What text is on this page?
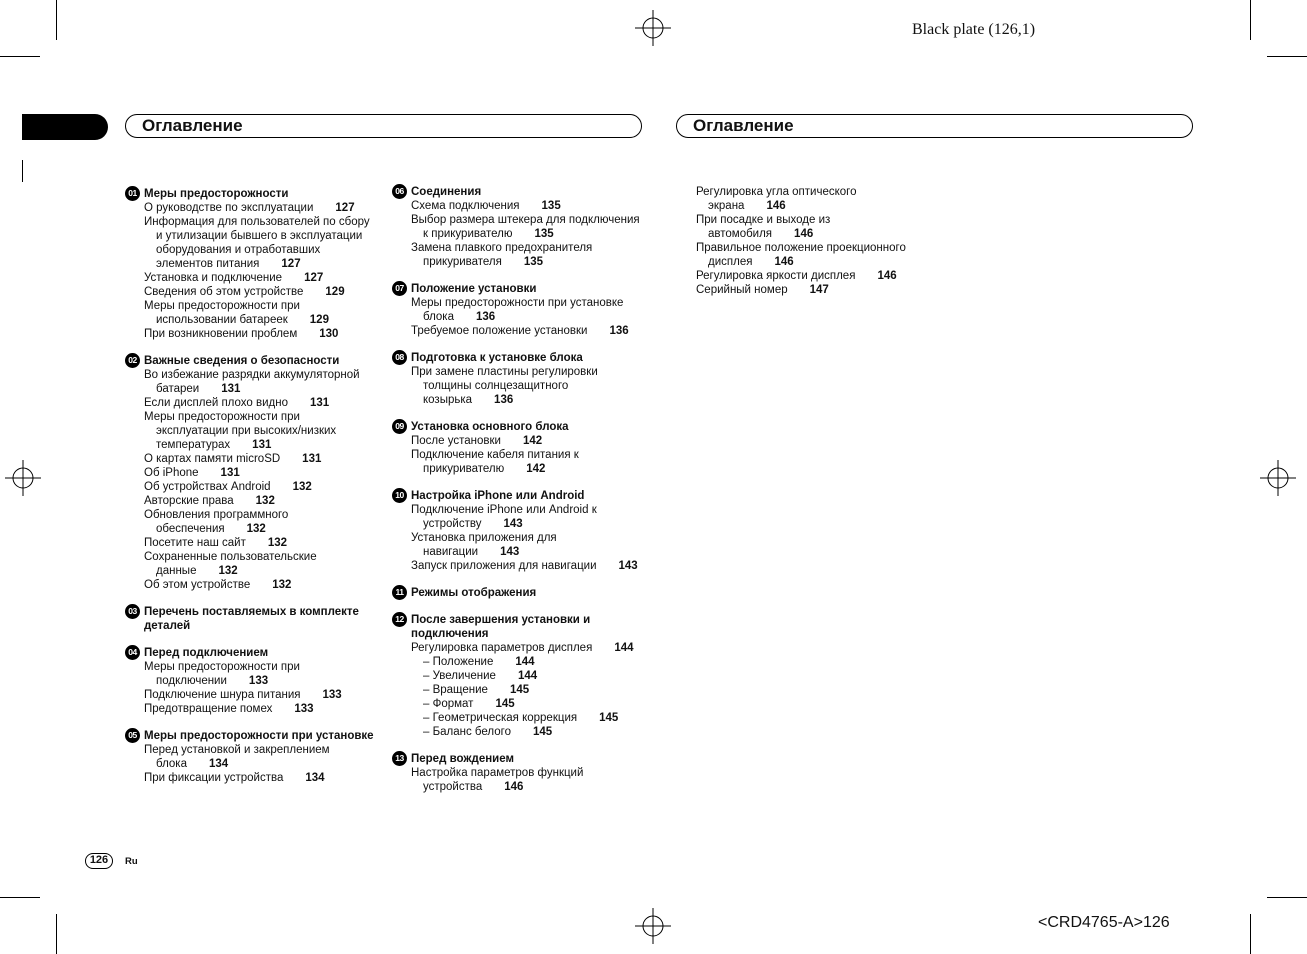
Black plate (126,1)
<CRD4765-A>126
Оглавление	Оглавление
01 Меры предосторожности
О руководстве по эксплуатации 127
Информация для пользователей по сбору и утилизации бывшего в эксплуатации оборудования и отработавших элементов питания 127
Установка и подключение 127
Сведения об этом устройстве 129
Меры предосторожности при использовании батареек 129
При возникновении проблем 130
02 Важные сведения о безопасности
Во избежание разрядки аккумуляторной батареи 131
Если дисплей плохо видно 131
Меры предосторожности при эксплуатации при высоких/низких температурах 131
О картах памяти microSD 131
Об iPhone 131
Об устройствах Android 132
Авторские права 132
Обновления программного обеспечения 132
Посетите наш сайт 132
Сохраненные пользовательские данные 132
Об этом устройстве 132
03 Перечень поставляемых в комплекте деталей
04 Перед подключением
Меры предосторожности при подключении 133
Подключение шнура питания 133
Предотвращение помех 133
05 Меры предосторожности при установке
Перед установкой и закреплением блока 134
При фиксации устройства 134
06 Соединения
Схема подключения 135
Выбор размера штекера для подключения к прикуривателю 135
Замена плавкого предохранителя прикуривателя 135
07 Положение установки
Меры предосторожности при установке блока 136
Требуемое положение установки 136
08 Подготовка к установке блока
При замене пластины регулировки толщины солнцезащитного козырька 136
09 Установка основного блока
После установки 142
Подключение кабеля питания к прикуривателю 142
10 Настройка iPhone или Android
Подключение iPhone или Android к устройству 143
Установка приложения для навигации 143
Запуск приложения для навигации 143
11 Режимы отображения
12 После завершения установки и подключения
Регулировка параметров дисплея 144
– Положение 144
– Увеличение 144
– Вращение 145
– Формат 145
– Геометрическая коррекция 145
– Баланс белого 145
13 Перед вождением
Настройка параметров функций устройства 146
Регулировка угла оптического экрана 146
При посадке и выходе из автомобиля 146
Правильное положение проекционного дисплея 146
Регулировка яркости дисплея 146
Серийный номер 147
126	Ru
